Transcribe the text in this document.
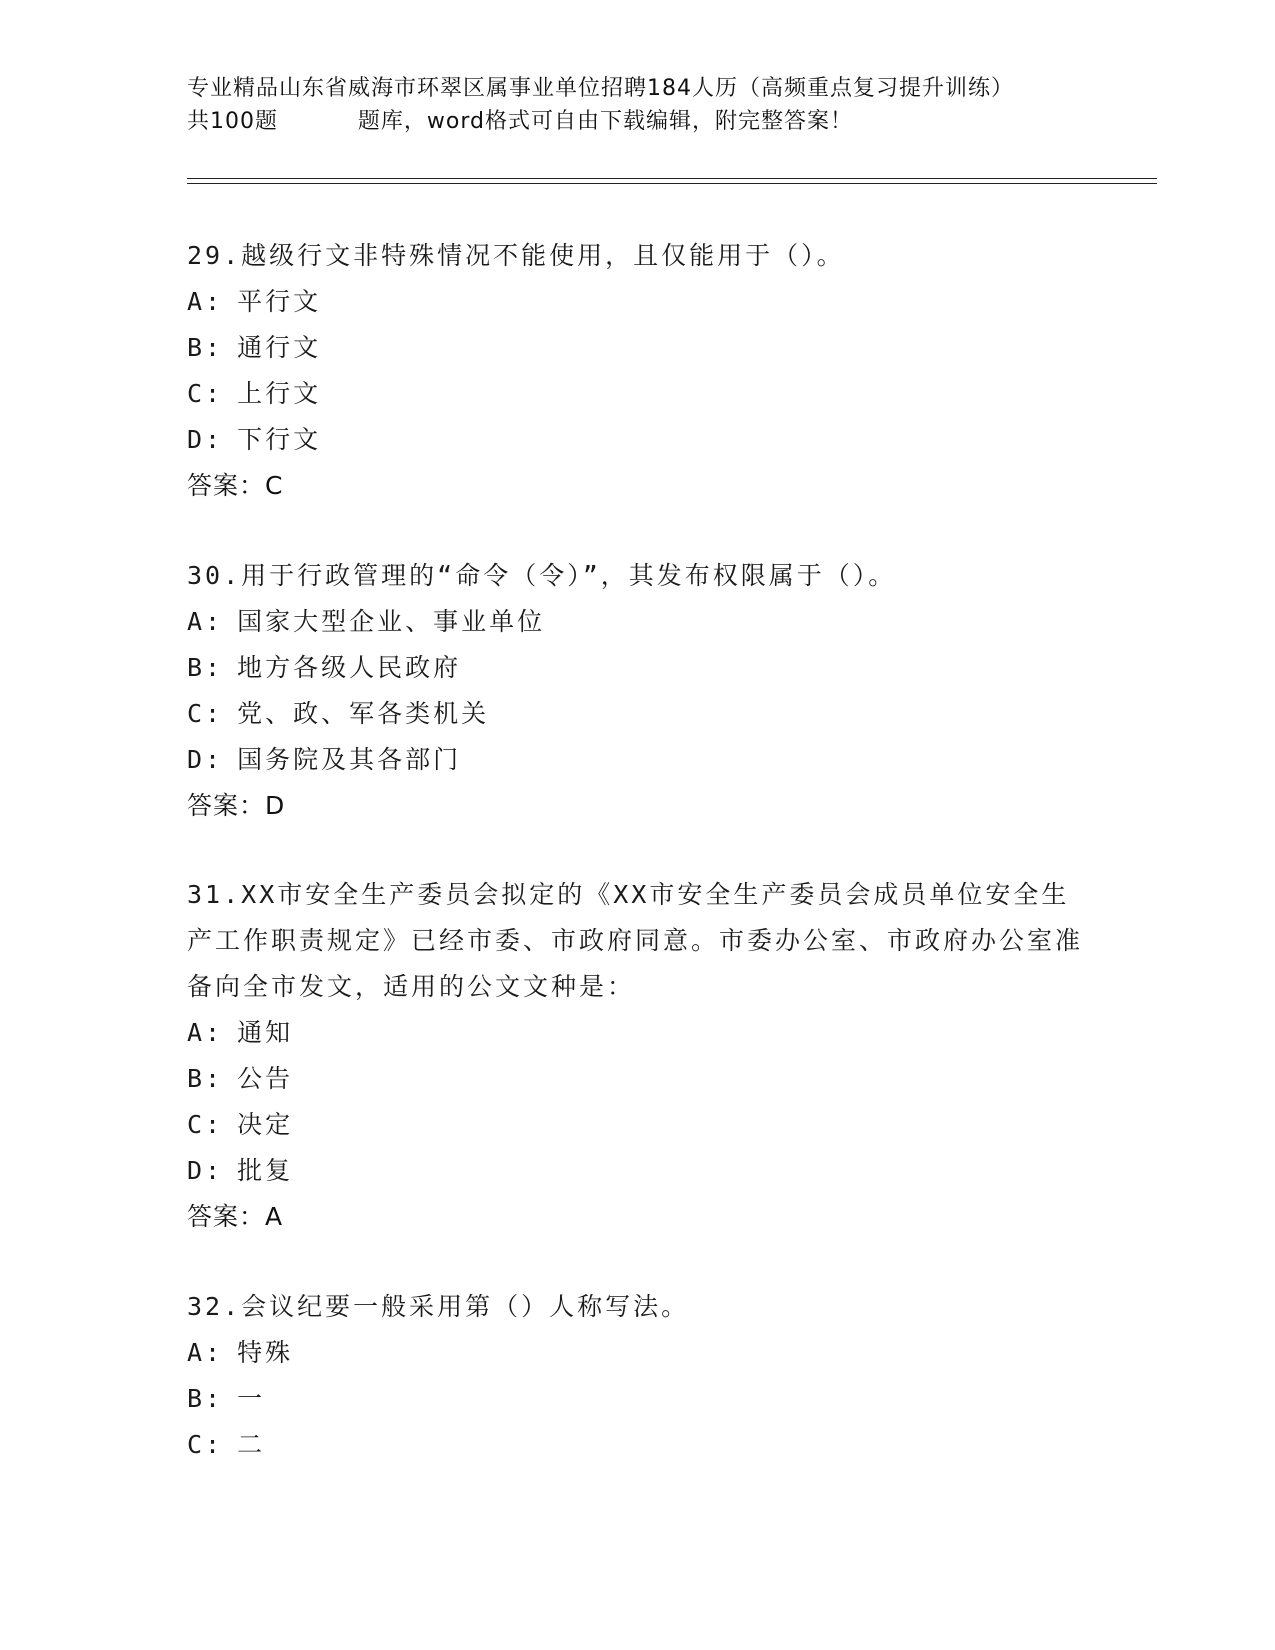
专业精品山东省威海市环翠区属事业单位招聘184人历（高频重点复习提升训练）
共100题          题库，word格式可自由下载编辑，附完整答案！

29.越级行文非特殊情况不能使用，且仅能用于（）。

A: 平行文

B: 通行文

C: 上行文

D: 下行文

答案：C

30.用于行政管理的“命令（令）”，其发布权限属于（）。

A: 国家大型企业、事业单位

B: 地方各级人民政府

C: 党、政、军各类机关

D: 国务院及其各部门

答案：D

31.XX市安全生产委员会拟定的《XX市安全生产委员会成员单位安全生产工作职责规定》已经市委、市政府同意。市委办公室、市政府办公室准备向全市发文，适用的公文文种是：

A: 通知

B: 公告

C: 决定

D: 批复

答案：A

32.会议纪要一般采用第（）人称写法。

A: 特殊

B: 一

C: 二
